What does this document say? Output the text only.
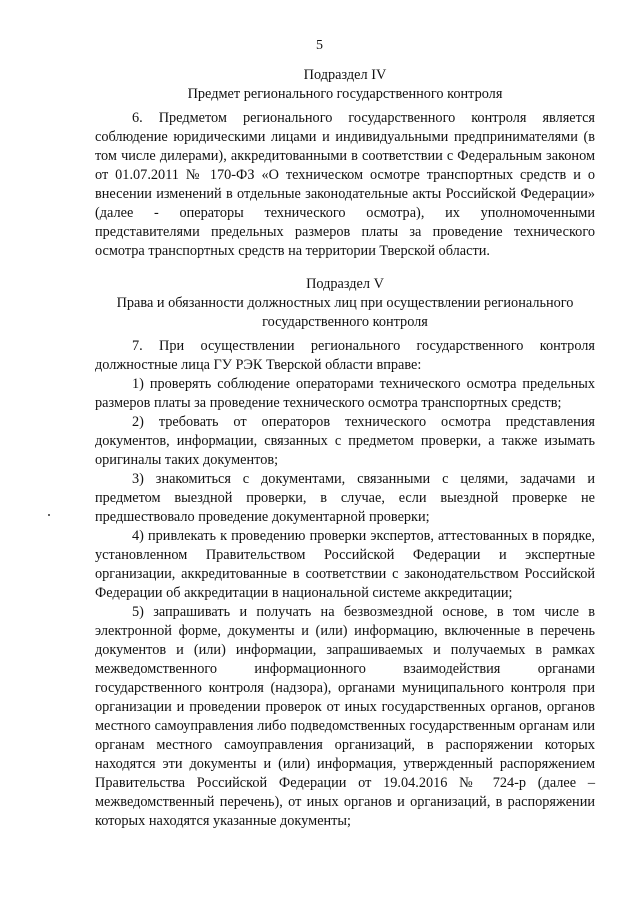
5

Подраздел IV

Предмет регионального государственного контроля

6. Предметом регионального государственного контроля является соблюдение юридическими лицами и индивидуальными предпринимателями (в том числе дилерами), аккредитованными в соответствии с Федеральным законом от 01.07.2011 № 170-ФЗ «О техническом осмотре транспортных средств и о внесении изменений в отдельные законодательные акты Российской Федерации» (далее - операторы технического осмотра), их уполномоченными представителями предельных размеров платы за проведение технического осмотра транспортных средств на территории Тверской области.

Подраздел V

Права и обязанности должностных лиц при осуществлении регионального государственного контроля

7. При осуществлении регионального государственного контроля должностные лица ГУ РЭК Тверской области вправе:

1) проверять соблюдение операторами технического осмотра предельных размеров платы за проведение технического осмотра транспортных средств;

2) требовать от операторов технического осмотра представления документов, информации, связанных с предметом проверки, а также изымать оригиналы таких документов;

3) знакомиться с документами, связанными с целями, задачами и предметом выездной проверки, в случае, если выездной проверке не предшествовало проведение документарной проверки;

4) привлекать к проведению проверки экспертов, аттестованных в порядке, установленном Правительством Российской Федерации и экспертные организации, аккредитованные в соответствии с законодательством Российской Федерации об аккредитации в национальной системе аккредитации;

5) запрашивать и получать на безвозмездной основе, в том числе в электронной форме, документы и (или) информацию, включенные в перечень документов и (или) информации, запрашиваемых и получаемых в рамках межведомственного информационного взаимодействия органами государственного контроля (надзора), органами муниципального контроля при организации и проведении проверок от иных государственных органов, органов местного самоуправления либо подведомственных государственным органам или органам местного самоуправления организаций, в распоряжении которых находятся эти документы и (или) информация, утвержденный распоряжением Правительства Российской Федерации от 19.04.2016 № 724-р (далее – межведомственный перечень), от иных органов и организаций, в распоряжении которых находятся указанные документы;
